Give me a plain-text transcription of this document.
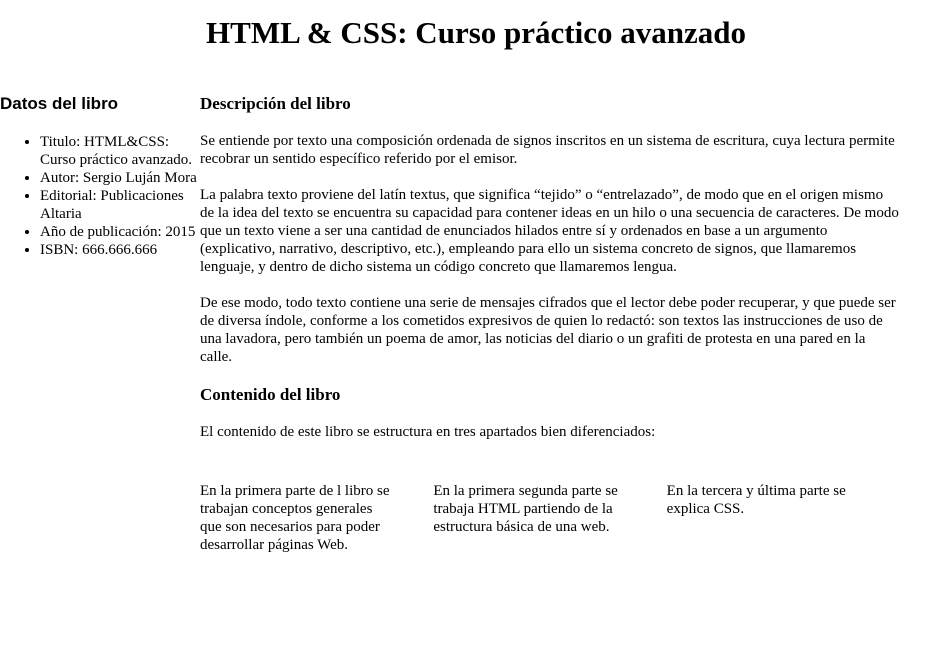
HTML & CSS: Curso práctico avanzado
Datos del libro
• Titulo: HTML&CSS: Curso práctico avanzado.
• Autor: Sergio Luján Mora
• Editorial: Publicaciones Altaria
• Año de publicación: 2015
• ISBN: 666.666.666
Descripción del libro

Se entiende por texto una composición ordenada de signos inscritos en un sistema de escritura, cuya lectura permite recobrar un sentido específico referido por el emisor.

La palabra texto proviene del latín textus, que significa “tejido” o “entrelazado”, de modo que en el origen mismo de la idea del texto se encuentra su capacidad para contener ideas en un hilo o una secuencia de caracteres. De modo que un texto viene a ser una cantidad de enunciados hilados entre sí y ordenados en base a un argumento (explicativo, narrativo, descriptivo, etc.), empleando para ello un sistema concreto de signos, que llamaremos lenguaje, y dentro de dicho sistema un código concreto que llamaremos lengua.

De ese modo, todo texto contiene una serie de mensajes cifrados que el lector debe poder recuperar, y que puede ser de diversa índole, conforme a los cometidos expresivos de quien lo redactó: son textos las instrucciones de uso de una lavadora, pero también un poema de amor, las noticias del diario o un grafiti de protesta en una pared en la calle.

Contenido del libro

El contenido de este libro se estructura en tres apartados bien diferenciados:

En la primera parte de l libro se trabajan conceptos generales que son necesarios para poder desarrollar páginas Web.
En la primera segunda parte se trabaja HTML partiendo de la estructura básica de una web.
En la tercera y última parte se explica CSS.
